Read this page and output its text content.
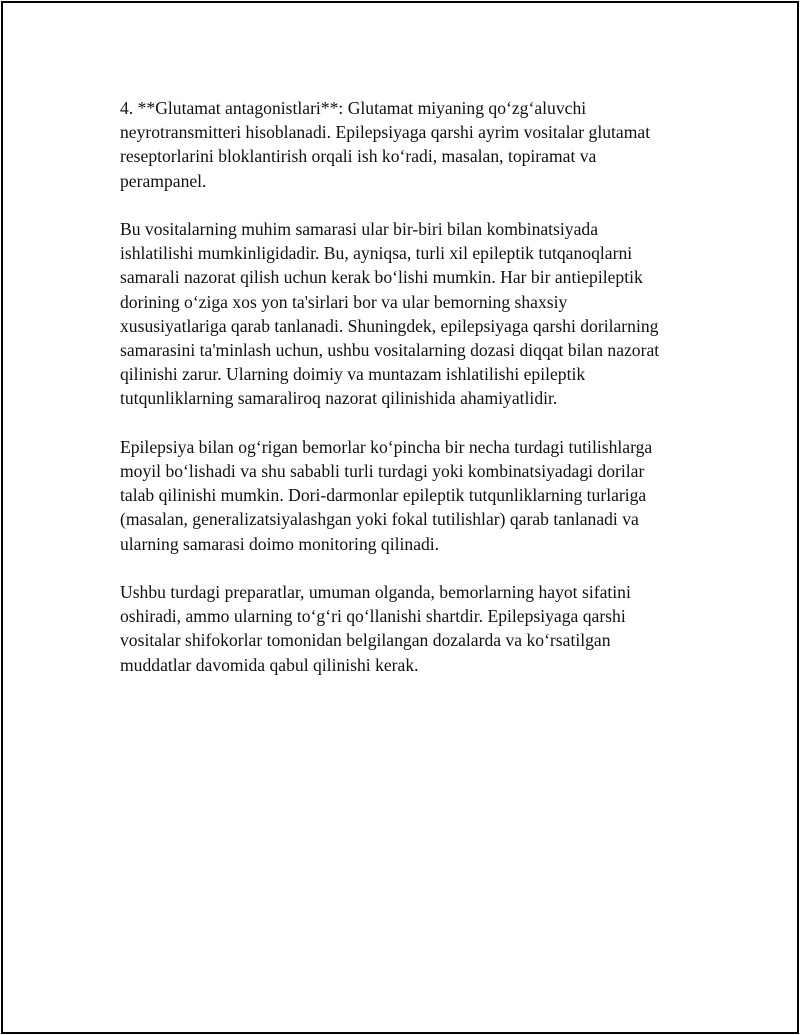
4. **Glutamat antagonistlari**: Glutamat miyaning qo‘zg‘aluvchi
neyrotransmitteri hisoblanadi. Epilepsiyaga qarshi ayrim vositalar glutamat
reseptorlarini bloklantirish orqali ish ko‘radi, masalan, topiramat va
perampanel.

Bu vositalarning muhim samarasi ular bir-biri bilan kombinatsiyada
ishlatilishi mumkinligidadir. Bu, ayniqsa, turli xil epileptik tutqanoqlarni
samarali nazorat qilish uchun kerak bo‘lishi mumkin. Har bir antiepileptik
dorining o‘ziga xos yon ta'sirlari bor va ular bemorning shaxsiy
xususiyatlariga qarab tanlanadi. Shuningdek, epilepsiyaga qarshi dorilarning
samarasini ta'minlash uchun, ushbu vositalarning dozasi diqqat bilan nazorat
qilinishi zarur. Ularning doimiy va muntazam ishlatilishi epileptik
tutqunliklarning samaraliroq nazorat qilinishida ahamiyatlidir.

Epilepsiya bilan og‘rigan bemorlar ko‘pincha bir necha turdagi tutilishlarga
moyil bo‘lishadi va shu sababli turli turdagi yoki kombinatsiyadagi dorilar
talab qilinishi mumkin. Dori-darmonlar epileptik tutqunliklarning turlariga
(masalan, generalizatsiyalashgan yoki fokal tutilishlar) qarab tanlanadi va
ularning samarasi doimo monitoring qilinadi.

Ushbu turdagi preparatlar, umuman olganda, bemorlarning hayot sifatini
oshiradi, ammo ularning to‘g‘ri qo‘llanishi shartdir. Epilepsiyaga qarshi
vositalar shifokorlar tomonidan belgilangan dozalarda va ko‘rsatilgan
muddatlar davomida qabul qilinishi kerak.
